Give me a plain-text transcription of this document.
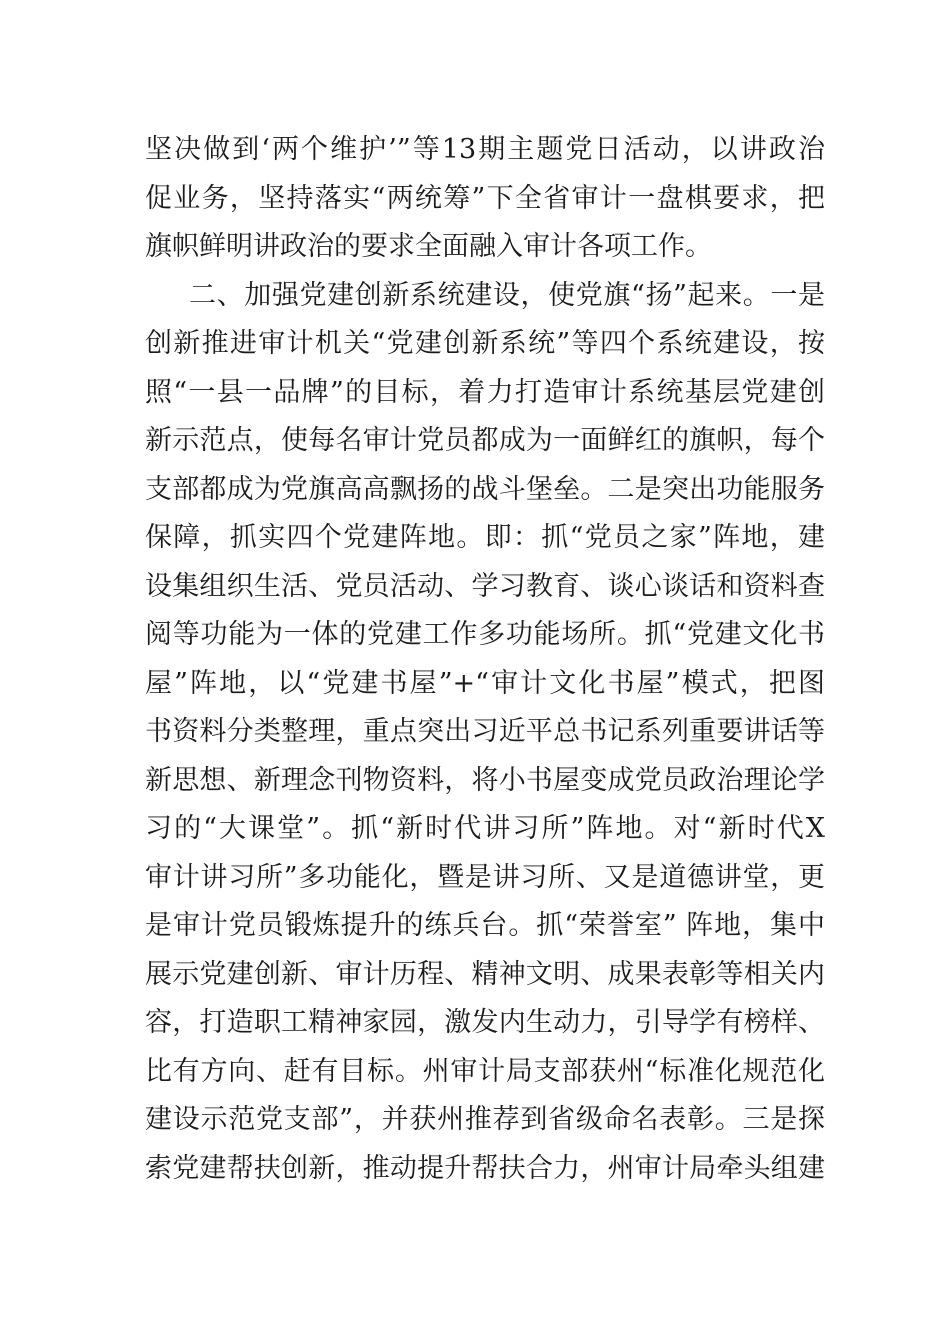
坚决做到‘两个维护’”等13期主题党日活动，以讲政治
促业务，坚持落实“两统筹”下全省审计一盘棋要求，把
旗帜鲜明讲政治的要求全面融入审计各项工作。
二、加强党建创新系统建设，使党旗“扬”起来。一是
创新推进审计机关“党建创新系统”等四个系统建设，按
照“一县一品牌”的目标，着力打造审计系统基层党建创
新示范点，使每名审计党员都成为一面鲜红的旗帜，每个
支部都成为党旗高高飘扬的战斗堡垒。二是突出功能服务
保障，抓实四个党建阵地。即：抓“党员之家”阵地，建
设集组织生活、党员活动、学习教育、谈心谈话和资料查
阅等功能为一体的党建工作多功能场所。抓“党建文化书
屋”阵地，以“党建书屋”+“审计文化书屋”模式，把图
书资料分类整理，重点突出习近平总书记系列重要讲话等
新思想、新理念刊物资料，将小书屋变成党员政治理论学
习的“大课堂”。抓“新时代讲习所”阵地。对“新时代X
审计讲习所”多功能化，暨是讲习所、又是道德讲堂，更
是审计党员锻炼提升的练兵台。抓“荣誉室” 阵地，集中
展示党建创新、审计历程、精神文明、成果表彰等相关内
容，打造职工精神家园，激发内生动力，引导学有榜样、
比有方向、赶有目标。州审计局支部获州“标准化规范化
建设示范党支部”，并获州推荐到省级命名表彰。三是探
索党建帮扶创新，推动提升帮扶合力，州审计局牵头组建
